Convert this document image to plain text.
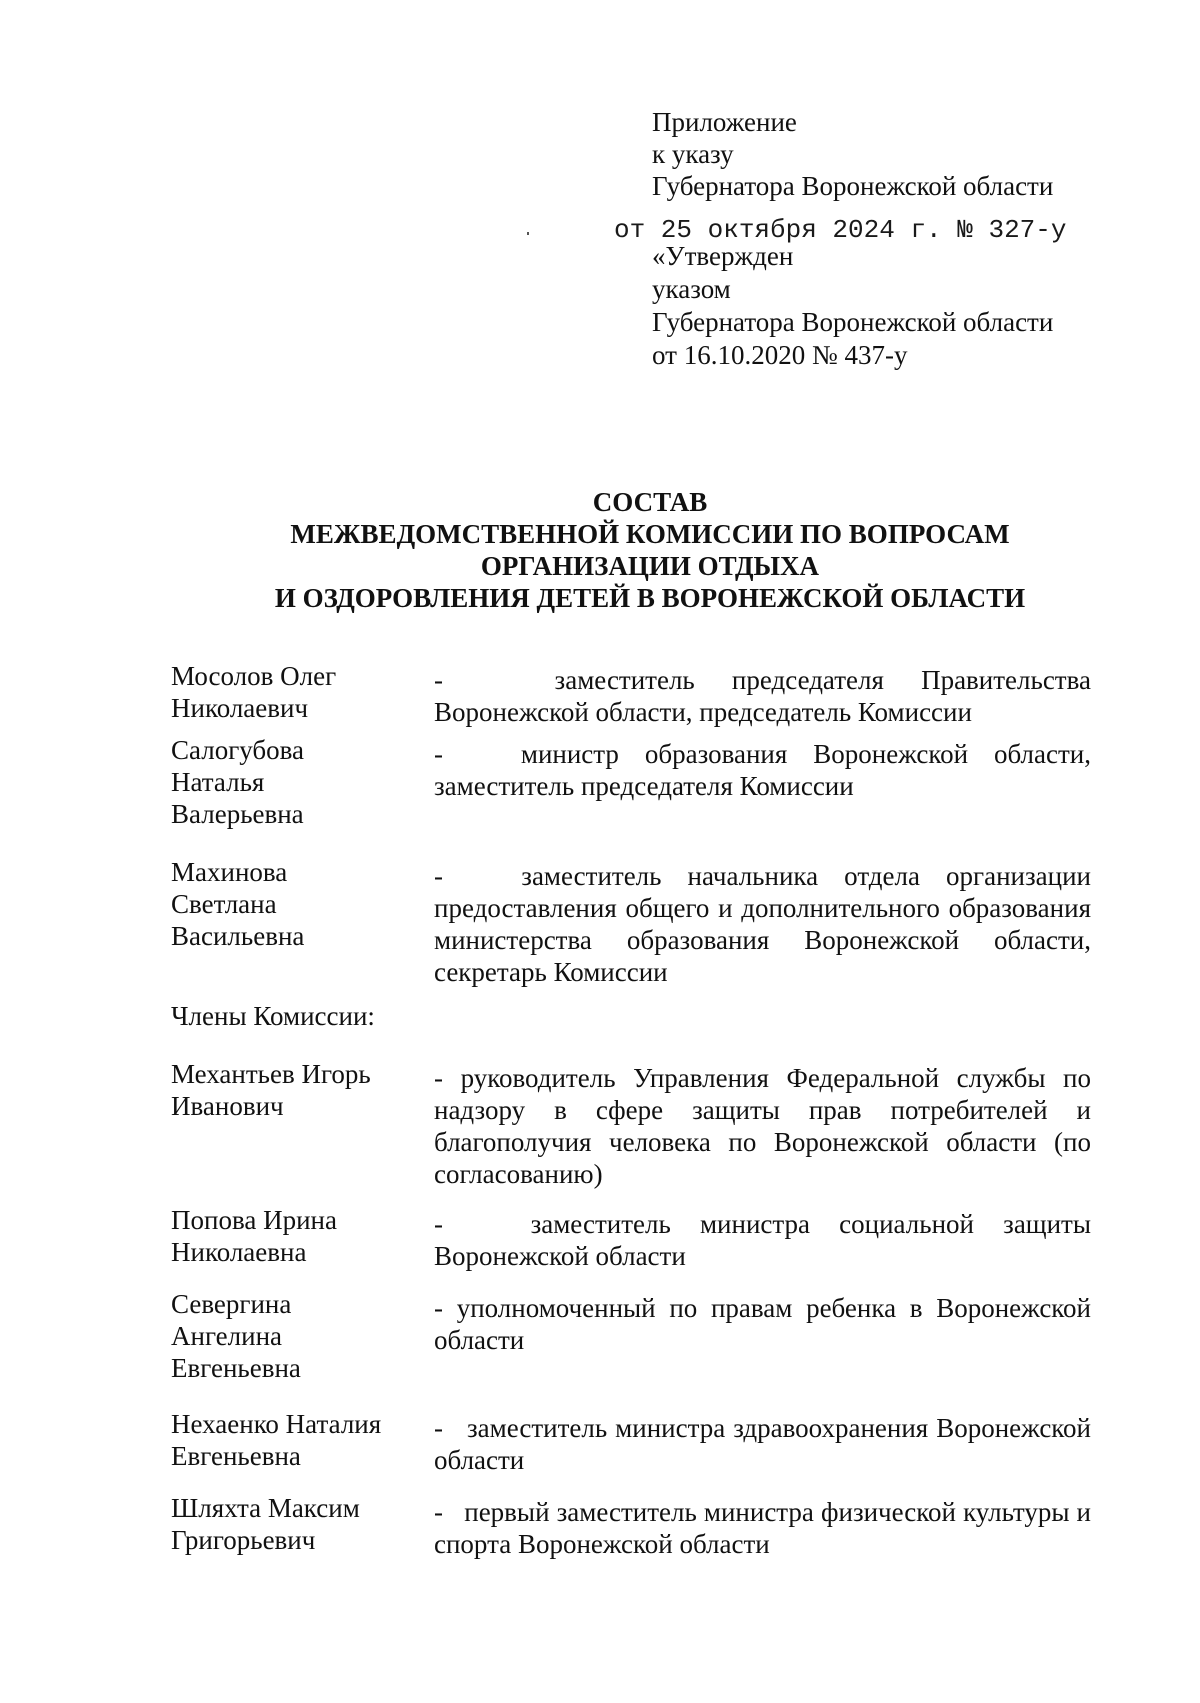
Приложение
к указу
Губернатора Воронежской области
от 25 октября 2024 г. № 327-у
«Утвержден
указом
Губернатора Воронежской области
от 16.10.2020 № 437-у
СОСТАВ
МЕЖВЕДОМСТВЕННОЙ КОМИССИИ ПО ВОПРОСАМ
ОРГАНИЗАЦИИ ОТДЫХА
И ОЗДОРОВЛЕНИЯ ДЕТЕЙ В ВОРОНЕЖСКОЙ ОБЛАСТИ
Мосолов Олег
Николаевич
-   заместитель председателя Правительства Воронежской области, председатель Комиссии
Салогубова
Наталья
Валерьевна
-   министр образования Воронежской области, заместитель председателя Комиссии
Махинова
Светлана
Васильевна
-   заместитель начальника отдела организации предоставления общего и дополнительного образования министерства образования Воронежской области, секретарь Комиссии
Члены Комиссии:
Механтьев Игорь
Иванович
- руководитель Управления Федеральной службы по надзору в сфере защиты прав потребителей и благополучия человека по Воронежской области (по согласованию)
Попова Ирина
Николаевна
-   заместитель министра социальной защиты Воронежской области
Севергина
Ангелина
Евгеньевна
- уполномоченный по правам ребенка в Воронежской области
Нехаенко Наталия
Евгеньевна
-   заместитель министра здравоохранения Воронежской области
Шляхта Максим
Григорьевич
-   первый заместитель министра физической культуры и спорта Воронежской области
